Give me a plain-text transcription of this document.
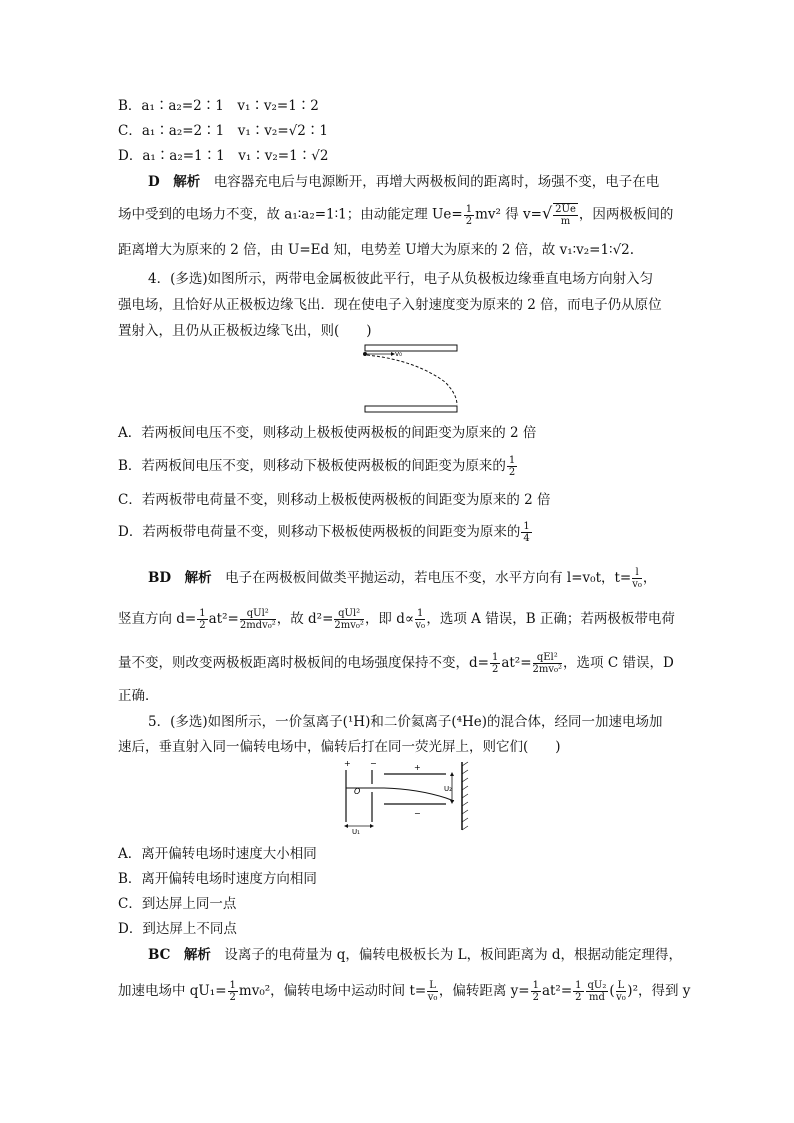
B．a₁∶a₂=2∶1　v₁∶v₂=1∶2
C．a₁∶a₂=2∶1　v₁∶v₂=√2∶1
D．a₁∶a₂=1∶1　v₁∶v₂=1∶√2
D　解析　电容器充电后与电源断开，再增大两极板间的距离时，场强不变，电子在电
场中受到的电场力不变，故 a₁∶a₂=1∶1；由动能定理 $Ue= \frac{1}{2} mv^2$ 得 $v=√ \frac{2Ue}{m}$ ，因两极板间的
距离增大为原来的 2 倍，由 U=Ed 知，电势差 U增大为原来的 2 倍，故 v₁∶v₂=1∶√2.
4．(多选)如图所示，两带电金属板彼此平行，电子从负极板边缘垂直电场方向射入匀
强电场，且恰好从正极板边缘飞出．现在使电子入射速度变为原来的 2 倍，而电子仍从原位
置射入，且仍从正极板边缘飞出，则(　　)
v₀
A．若两板间电压不变，则移动上极板使两极板的间距变为原来的 2 倍
B．若两板间电压不变，则移动下极板使两极板的间距变为原来的 $\frac{1}{2}$
C．若两板带电荷量不变，则移动上极板使两极板的间距变为原来的 2 倍
D．若两板带电荷量不变，则移动下极板使两极板的间距变为原来的 $\frac{1}{4}$
BD　解析　电子在两极板间做类平抛运动，若电压不变，水平方向有 l=v₀t，$t= \frac{l}{\text{v₀}}$ ，
竖直方向 $d= \frac{1}{2} at^2= \frac{\text{qUl²}}{\text{2mdv₀²}}$ ，故 $d^2= \frac{\text{qUl²}}{\text{2mv₀²}}$ ，即 $d\propto \frac{1}{\text{v₀}}$ ，选项 A 错误，B 正确；若两极板带电荷
量不变，则改变两极板距离时极板间的电场强度保持不变，$d= \frac{1}{2} at^2= \frac{\text{qEl²}}{\text{2mv₀²}}$ ，选项 C 错误，D
正确．
5．(多选)如图所示，一价氢离子(¹H)和二价氦离子(⁴He)的混合体，经同一加速电场加
速后，垂直射入同一偏转电场中，偏转后打在同一荧光屏上，则它们(　　)
+ −
O
+
−
U₂
U₁
A．离开偏转电场时速度大小相同
B．离开偏转电场时速度方向相同
C．到达屏上同一点
D．到达屏上不同点
BC　解析　设离子的电荷量为 q，偏转电极板长为 L，板间距离为 d，根据动能定理得，
加速电场中 $qU_1= \frac{1}{2} mv_0^2$，偏转电场中运动时间 $t= \frac{L}{\text{v₀}}$ ，偏转距离 $y= \frac{1}{2} at^2= \frac{1}{2} \frac{\text{qU₂}}{md}$ ( $\frac{L}{\text{v₀}} )^2$，得到 y
